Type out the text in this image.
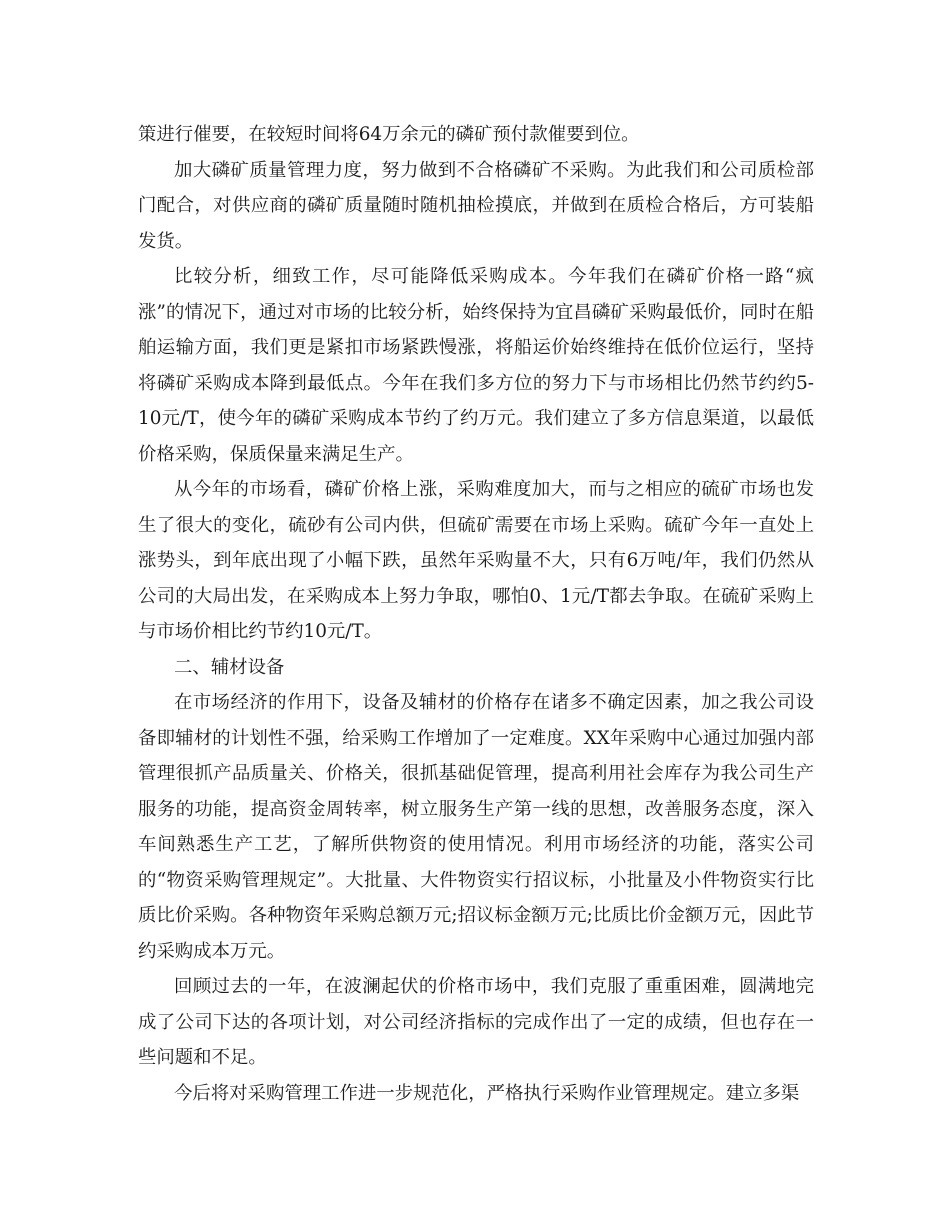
策进行催要，在较短时间将64万余元的磷矿预付款催要到位。

加大磷矿质量管理力度，努力做到不合格磷矿不采购。为此我们和公司质检部门配合，对供应商的磷矿质量随时随机抽检摸底，并做到在质检合格后，方可装船发货。

比较分析，细致工作，尽可能降低采购成本。今年我们在磷矿价格一路“疯涨”的情况下，通过对市场的比较分析，始终保持为宜昌磷矿采购最低价，同时在船舶运输方面，我们更是紧扣市场紧跌慢涨，将船运价始终维持在低价位运行，坚持将磷矿采购成本降到最低点。今年在我们多方位的努力下与市场相比仍然节约约5-10元/T，使今年的磷矿采购成本节约了约万元。我们建立了多方信息渠道，以最低价格采购，保质保量来满足生产。

从今年的市场看，磷矿价格上涨，采购难度加大，而与之相应的硫矿市场也发生了很大的变化，硫砂有公司内供，但硫矿需要在市场上采购。硫矿今年一直处上涨势头，到年底出现了小幅下跌，虽然年采购量不大，只有6万吨/年，我们仍然从公司的大局出发，在采购成本上努力争取，哪怕0、1元/T都去争取。在硫矿采购上与市场价相比约节约10元/T。

二、辅材设备

在市场经济的作用下，设备及辅材的价格存在诸多不确定因素，加之我公司设备即辅材的计划性不强，给采购工作增加了一定难度。XX年采购中心通过加强内部管理很抓产品质量关、价格关，很抓基础促管理，提高利用社会库存为我公司生产服务的功能，提高资金周转率，树立服务生产第一线的思想，改善服务态度，深入车间熟悉生产工艺，了解所供物资的使用情况。利用市场经济的功能，落实公司的“物资采购管理规定”。大批量、大件物资实行招议标，小批量及小件物资实行比质比价采购。各种物资年采购总额万元;招议标金额万元;比质比价金额万元，因此节约采购成本万元。

回顾过去的一年，在波澜起伏的价格市场中，我们克服了重重困难，圆满地完成了公司下达的各项计划，对公司经济指标的完成作出了一定的成绩，但也存在一些问题和不足。

今后将对采购管理工作进一步规范化，严格执行采购作业管理规定。建立多渠
